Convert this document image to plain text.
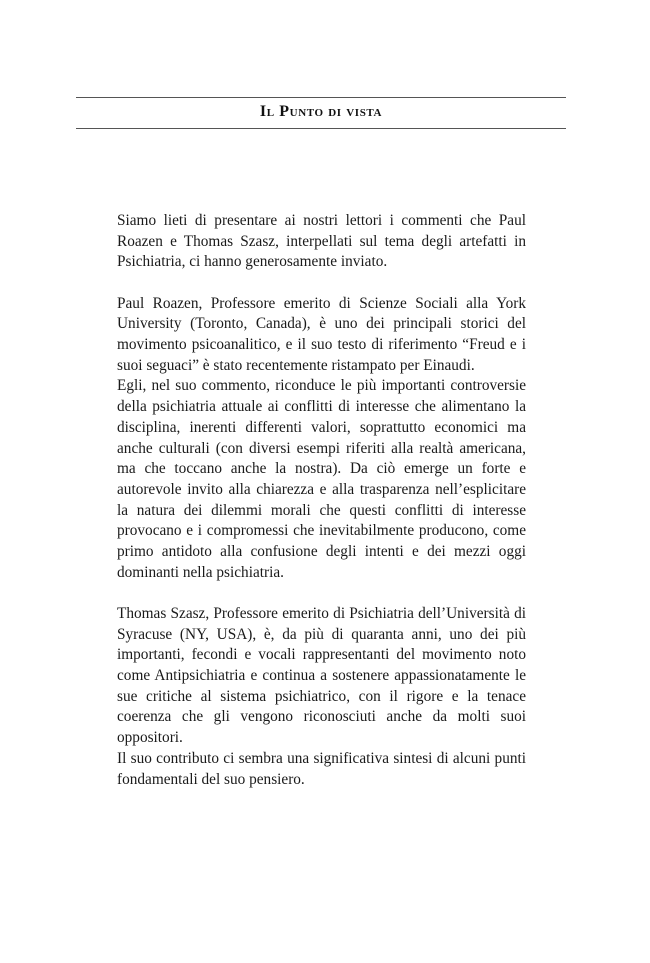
Il Punto di vista

Siamo lieti di presentare ai nostri lettori i commenti che Paul Roazen e Thomas Szasz, interpellati sul tema degli artefatti in Psichiatria, ci hanno generosamente inviato.

Paul Roazen, Professore emerito di Scienze Sociali alla York University (Toronto, Canada), è uno dei principali storici del movimento psicoanalitico, e il suo testo di riferimento “Freud e i suoi seguaci” è stato recentemente ristampato per Einaudi.

Egli, nel suo commento, riconduce le più importanti controversie della psichiatria attuale ai conflitti di interesse che alimentano la disciplina, inerenti differenti valori, soprattutto economici ma anche culturali (con diversi esempi riferiti alla realtà americana, ma che toccano anche la nostra). Da ciò emerge un forte e autorevole invito alla chiarezza e alla trasparenza nell’esplicitare la natura dei dilemmi morali che questi conflitti di interesse provocano e i compromessi che inevitabilmente producono, come primo antidoto alla confusione degli intenti e dei mezzi oggi dominanti nella psichiatria.

Thomas Szasz, Professore emerito di Psichiatria dell’Università di Syracuse (NY, USA), è, da più di quaranta anni, uno dei più importanti, fecondi e vocali rappresentanti del movimento noto come Antipsichiatria e continua a sostenere appassionatamente le sue critiche al sistema psichiatrico, con il rigore e la tenace coerenza che gli vengono riconosciuti anche da molti suoi oppositori.

Il suo contributo ci sembra una significativa sintesi di alcuni punti fondamentali del suo pensiero.
